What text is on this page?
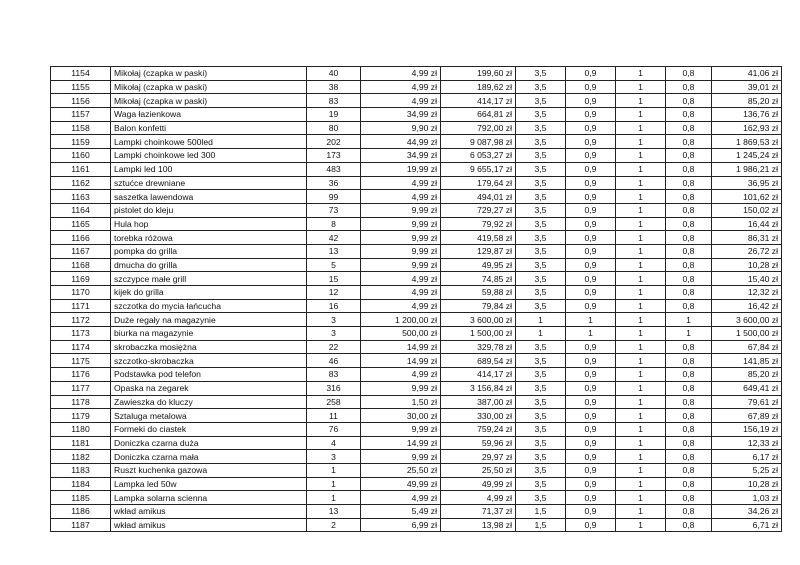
1154	Mikołaj (czapka w paski)	40	4,99 zł	199,60 zł	3,5	0,9	1	0,8	41,06 zł
1155	Mikołaj (czapka w paski)	38	4,99 zł	189,62 zł	3,5	0,9	1	0,8	39,01 zł
1156	Mikołaj (czapka w paski)	83	4,99 zł	414,17 zł	3,5	0,9	1	0,8	85,20 zł
1157	Waga łazienkowa	19	34,99 zł	664,81 zł	3,5	0,9	1	0,8	136,76 zł
1158	Balon konfetti	80	9,90 zł	792,00 zł	3,5	0,9	1	0,8	162,93 zł
1159	Lampki choinkowe 500led	202	44,99 zł	9 087,98 zł	3,5	0,9	1	0,8	1 869,53 zł
1160	Lampki choinkowe led 300	173	34,99 zł	6 053,27 zł	3,5	0,9	1	0,8	1 245,24 zł
1161	Lampki led 100	483	19,99 zł	9 655,17 zł	3,5	0,9	1	0,8	1 986,21 zł
1162	sztućce drewniane	36	4,99 zł	179,64 zł	3,5	0,9	1	0,8	36,95 zł
1163	saszetka lawendowa	99	4,99 zł	494,01 zł	3,5	0,9	1	0,8	101,62 zł
1164	pistolet do kleju	73	9,99 zł	729,27 zł	3,5	0,9	1	0,8	150,02 zł
1165	Hula hop	8	9,99 zł	79,92 zł	3,5	0,9	1	0,8	16,44 zł
1166	torebka różowa	42	9,99 zł	419,58 zł	3,5	0,9	1	0,8	86,31 zł
1167	pompka do grilla	13	9,99 zł	129,87 zł	3,5	0,9	1	0,8	26,72 zł
1168	dmucha do grilla	5	9,99 zł	49,95 zł	3,5	0,9	1	0,8	10,28 zł
1169	szczypce małe grill	15	4,99 zł	74,85 zł	3,5	0,9	1	0,8	15,40 zł
1170	kijek do grilla	12	4,99 zł	59,88 zł	3,5	0,9	1	0,8	12,32 zł
1171	szczotka do mycia łańcucha	16	4,99 zł	79,84 zł	3,5	0,9	1	0,8	16,42 zł
1172	Duże regały na magazynie	3	1 200,00 zł	3 600,00 zł	1	1	1	1	3 600,00 zł
1173	biurka na magazynie	3	500,00 zł	1 500,00 zł	1	1	1	1	1 500,00 zł
1174	skrobaczka mosiężna	22	14,99 zł	329,78 zł	3,5	0,9	1	0,8	67,84 zł
1175	szczotko-skrobaczka	46	14,99 zł	689,54 zł	3,5	0,9	1	0,8	141,85 zł
1176	Podstawka pod telefon	83	4,99 zł	414,17 zł	3,5	0,9	1	0,8	85,20 zł
1177	Opaska na zegarek	316	9,99 zł	3 156,84 zł	3,5	0,9	1	0,8	649,41 zł
1178	Zawieszka do kluczy	258	1,50 zł	387,00 zł	3,5	0,9	1	0,8	79,61 zł
1179	Sztaluga metalowa	11	30,00 zł	330,00 zł	3,5	0,9	1	0,8	67,89 zł
1180	Formeki do ciastek	76	9,99 zł	759,24 zł	3,5	0,9	1	0,8	156,19 zł
1181	Doniczka czarna duża	4	14,99 zł	59,96 zł	3,5	0,9	1	0,8	12,33 zł
1182	Doniczka czarna mała	3	9,99 zł	29,97 zł	3,5	0,9	1	0,8	6,17 zł
1183	Ruszt kuchenka gazowa	1	25,50 zł	25,50 zł	3,5	0,9	1	0,8	5,25 zł
1184	Lampka led 50w	1	49,99 zł	49,99 zł	3,5	0,9	1	0,8	10,28 zł
1185	Lampka solarna scienna	1	4,99 zł	4,99 zł	3,5	0,9	1	0,8	1,03 zł
1186	wkład amikus	13	5,49 zł	71,37 zł	1,5	0,9	1	0,8	34,26 zł
1187	wkład amikus	2	6,99 zł	13,98 zł	1,5	0,9	1	0,8	6,71 zł
